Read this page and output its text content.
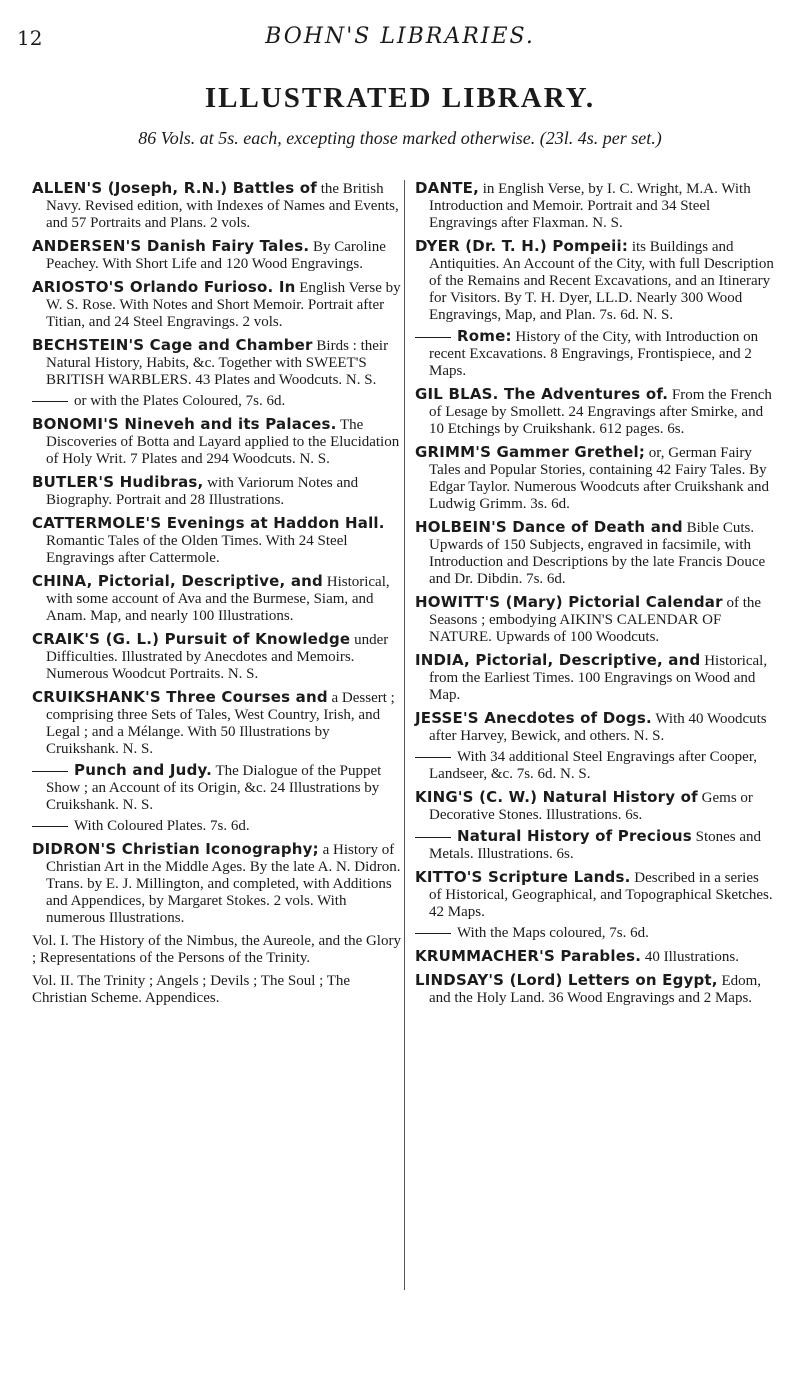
12	BOHN'S LIBRARIES.
ILLUSTRATED LIBRARY.
86 Vols. at 5s. each, excepting those marked otherwise. (23l. 4s. per set.)
ALLEN'S (Joseph, R.N.) Battles of the British Navy. Revised edition, with Indexes of Names and Events, and 57 Portraits and Plans. 2 vols.
ANDERSEN'S Danish Fairy Tales. By Caroline Peachey. With Short Life and 120 Wood Engravings.
ARIOSTO'S Orlando Furioso. In English Verse by W. S. Rose. With Notes and Short Memoir. Portrait after Titian, and 24 Steel Engravings. 2 vols.
BECHSTEIN'S Cage and Chamber Birds : their Natural History, Habits, &c. Together with SWEET'S BRITISH WARBLERS. 43 Plates and Woodcuts. N. S.
or with the Plates Coloured, 7s. 6d.
BONOMI'S Nineveh and its Palaces. The Discoveries of Botta and Layard applied to the Elucidation of Holy Writ. 7 Plates and 294 Woodcuts. N. S.
BUTLER'S Hudibras, with Variorum Notes and Biography. Portrait and 28 Illustrations.
CATTERMOLE'S Evenings at Haddon Hall. Romantic Tales of the Olden Times. With 24 Steel Engravings after Cattermole.
CHINA, Pictorial, Descriptive, and Historical, with some account of Ava and the Burmese, Siam, and Anam. Map, and nearly 100 Illustrations.
CRAIK'S (G. L.) Pursuit of Knowledge under Difficulties. Illustrated by Anecdotes and Memoirs. Numerous Woodcut Portraits. N. S.
CRUIKSHANK'S Three Courses and a Dessert ; comprising three Sets of Tales, West Country, Irish, and Legal ; and a Mélange. With 50 Illustrations by Cruikshank. N. S.
Punch and Judy. The Dialogue of the Puppet Show ; an Account of its Origin, &c. 24 Illustrations by Cruikshank. N. S.
With Coloured Plates. 7s. 6d.
DIDRON'S Christian Iconography; a History of Christian Art in the Middle Ages. By the late A. N. Didron. Trans. by E. J. Millington, and completed, with Additions and Appendices, by Margaret Stokes. 2 vols. With numerous Illustrations.
Vol. I. The History of the Nimbus, the Aureole, and the Glory ; Representations of the Persons of the Trinity.
Vol. II. The Trinity ; Angels ; Devils ; The Soul ; The Christian Scheme. Appendices.
DANTE, in English Verse, by I. C. Wright, M.A. With Introduction and Memoir. Portrait and 34 Steel Engravings after Flaxman. N. S.
DYER (Dr. T. H.) Pompeii: its Buildings and Antiquities. An Account of the City, with full Description of the Remains and Recent Excavations, and an Itinerary for Visitors. By T. H. Dyer, LL.D. Nearly 300 Wood Engravings, Map, and Plan. 7s. 6d. N. S.
Rome: History of the City, with Introduction on recent Excavations. 8 Engravings, Frontispiece, and 2 Maps.
GIL BLAS. The Adventures of. From the French of Lesage by Smollett. 24 Engravings after Smirke, and 10 Etchings by Cruikshank. 612 pages. 6s.
GRIMM'S Gammer Grethel; or, German Fairy Tales and Popular Stories, containing 42 Fairy Tales. By Edgar Taylor. Numerous Woodcuts after Cruikshank and Ludwig Grimm. 3s. 6d.
HOLBEIN'S Dance of Death and Bible Cuts. Upwards of 150 Subjects, engraved in facsimile, with Introduction and Descriptions by the late Francis Douce and Dr. Dibdin. 7s. 6d.
HOWITT'S (Mary) Pictorial Calendar of the Seasons ; embodying AIKIN'S CALENDAR OF NATURE. Upwards of 100 Woodcuts.
INDIA, Pictorial, Descriptive, and Historical, from the Earliest Times. 100 Engravings on Wood and Map.
JESSE'S Anecdotes of Dogs. With 40 Woodcuts after Harvey, Bewick, and others. N. S.
With 34 additional Steel Engravings after Cooper, Landseer, &c. 7s. 6d. N. S.
KING'S (C. W.) Natural History of Gems or Decorative Stones. Illustrations. 6s.
Natural History of Precious Stones and Metals. Illustrations. 6s.
KITTO'S Scripture Lands. Described in a series of Historical, Geographical, and Topographical Sketches. 42 Maps.
With the Maps coloured, 7s. 6d.
KRUMMACHER'S Parables. 40 Illustrations.
LINDSAY'S (Lord) Letters on Egypt, Edom, and the Holy Land. 36 Wood Engravings and 2 Maps.
